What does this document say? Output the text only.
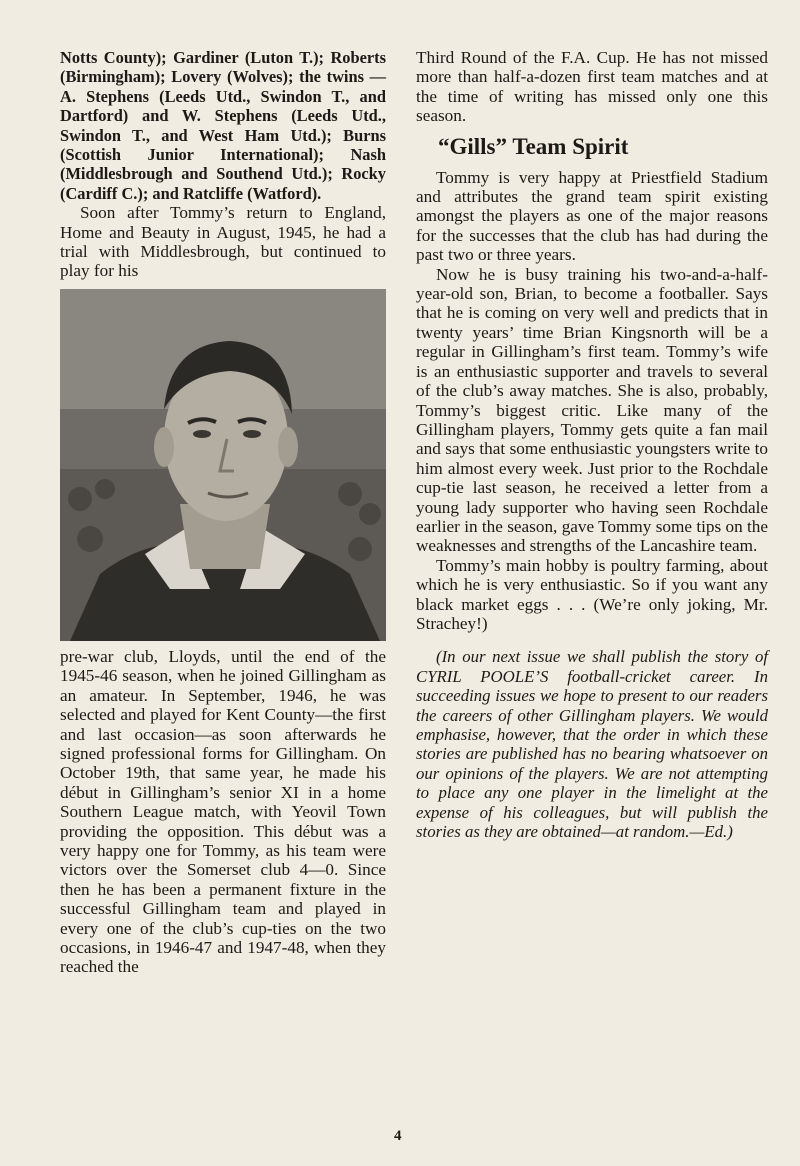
Notts County); Gardiner (Luton T.); Roberts (Birmingham); Lovery (Wolves); the twins — A. Stephens (Leeds Utd., Swindon T., and Dartford) and W. Stephens (Leeds Utd., Swindon T., and West Ham Utd.); Burns (Scottish Junior International); Nash (Middlesbrough and Southend Utd.); Rocky (Cardiff C.); and Ratcliffe (Watford).

Soon after Tommy’s return to England, Home and Beauty in August, 1945, he had a trial with Middlesbrough, but continued to play for his

pre-war club, Lloyds, until the end of the 1945-46 season, when he joined Gillingham as an amateur. In September, 1946, he was selected and played for Kent County—the first and last occasion—as soon afterwards he signed professional forms for Gillingham. On October 19th, that same year, he made his début in Gillingham’s senior XI in a home Southern League match, with Yeovil Town providing the opposition. This début was a very happy one for Tommy, as his team were victors over the Somerset club 4—0. Since then he has been a permanent fixture in the successful Gillingham team and played in every one of the club’s cup-ties on the two occasions, in 1946-47 and 1947-48, when they reached the

Third Round of the F.A. Cup. He has not missed more than half-a-dozen first team matches and at the time of writing has missed only one this season.

“Gills” Team Spirit

Tommy is very happy at Priestfield Stadium and attributes the grand team spirit existing amongst the players as one of the major reasons for the successes that the club has had during the past two or three years.

Now he is busy training his two-and-a-half-year-old son, Brian, to become a footballer. Says that he is coming on very well and predicts that in twenty years’ time Brian Kingsnorth will be a regular in Gillingham’s first team. Tommy’s wife is an enthusiastic supporter and travels to several of the club’s away matches. She is also, probably, Tommy’s biggest critic. Like many of the Gillingham players, Tommy gets quite a fan mail and says that some enthusiastic youngsters write to him almost every week. Just prior to the Rochdale cup-tie last season, he received a letter from a young lady supporter who having seen Rochdale earlier in the season, gave Tommy some tips on the weaknesses and strengths of the Lancashire team.

Tommy’s main hobby is poultry farming, about which he is very enthusiastic. So if you want any black market eggs . . . (We’re only joking, Mr. Strachey!)

(In our next issue we shall publish the story of CYRIL POOLE’S football-cricket career. In succeeding issues we hope to present to our readers the careers of other Gillingham players. We would emphasise, however, that the order in which these stories are published has no bearing whatsoever on our opinions of the players. We are not attempting to place any one player in the limelight at the expense of his colleagues, but will publish the stories as they are obtained—at random.—Ed.)

4
